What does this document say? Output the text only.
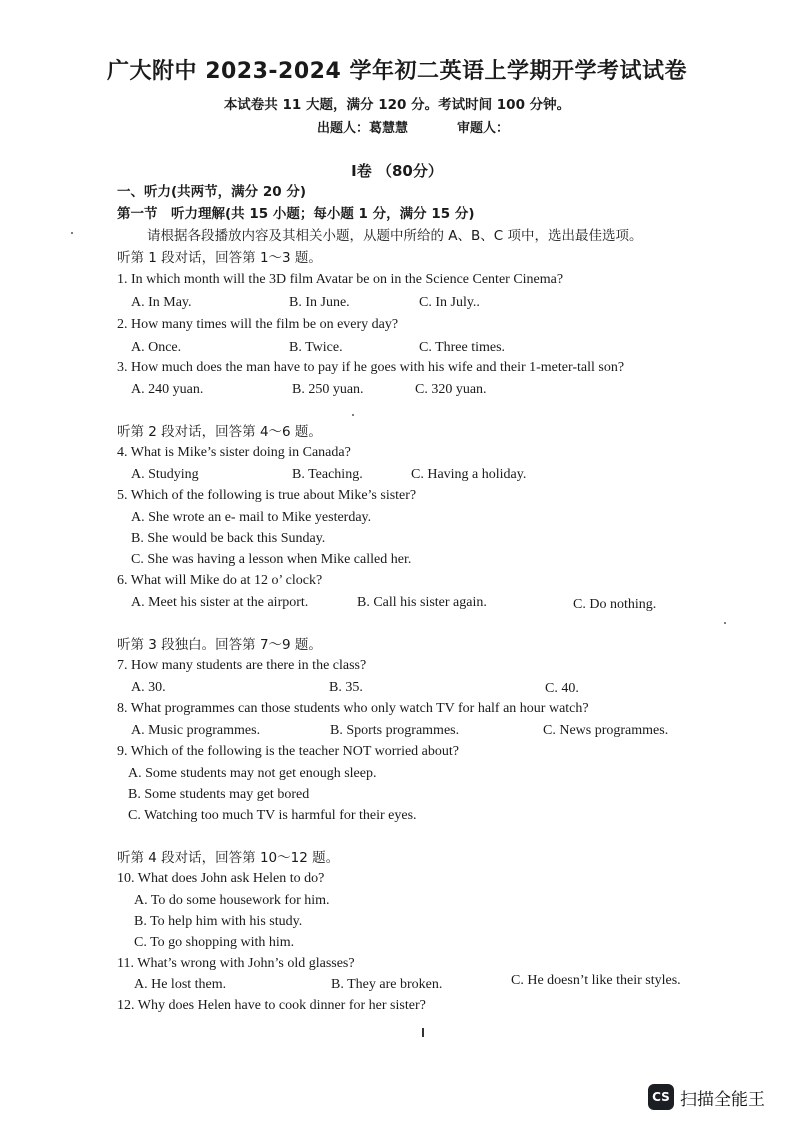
广大附中 2023-2024 学年初二英语上学期开学考试试卷
本试卷共 11 大题，满分 120 分。考试时间 100 分钟。
出题人：葛慧慧	审题人：
I卷 （80分）
一、听力(共两节，满分 20 分)
第一节　听力理解(共 15 小题；每小题 1 分，满分 15 分)
请根据各段播放内容及其相关小题，从题中所给的 A、B、C 项中，选出最佳选项。
听第 1 段对话，回答第 1～3 题。
1. In which month will the 3D film Avatar be on in the Science Center Cinema?
A. In May.	B. In June.	C. In July..
2. How many times will the film be on every day?
A. Once.	B. Twice.	C. Three times.
3. How much does the man have to pay if he goes with his wife and their 1-meter-tall son?
A. 240 yuan.	B. 250 yuan.	C. 320 yuan.
听第 2 段对话，回答第 4～6 题。
4. What is Mike’s sister doing in Canada?
A. Studying	B. Teaching.	C. Having a holiday.
5. Which of the following is true about Mike’s sister?
A. She wrote an e- mail to Mike yesterday.
B. She would be back this Sunday.
C. She was having a lesson when Mike called her.
6. What will Mike do at 12 o’ clock?
A. Meet his sister at the airport.	B. Call his sister again.	C. Do nothing.
听第 3 段独白。回答第 7～9 题。
7. How many students are there in the class?
A. 30.	B. 35.	C. 40.
8. What programmes can those students who only watch TV for half an hour watch?
A. Music programmes.	B. Sports programmes.	C. News programmes.
9. Which of the following is the teacher NOT worried about?
A. Some students may not get enough sleep.
B. Some students may get bored
C. Watching too much TV is harmful for their eyes.
听第 4 段对话，回答第 10～12 题。
10. What does John ask Helen to do?
A. To do some housework for him.
B. To help him with his study.
C. To go shopping with him.
11. What’s wrong with John’s old glasses?
A. He lost them.	B. They are broken.	C. He doesn’t like their styles.
12. Why does Helen have to cook dinner for her sister?
CS 扫描全能王
